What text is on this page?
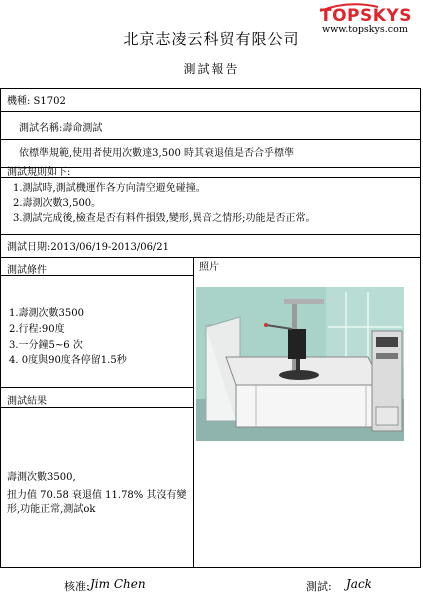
北京志凌云科贸有限公司
TOPSKYS
www.topskys.com
測試報告
機種: S1702
測試名稱:壽命測試
依標準規範,使用者使用次數達3,500 時其衰退值是否合乎標準
測試規則如下:
1.測試時,測試機運作各方向清空避免碰撞。
2.壽測次數3,500。
3.測試完成後,檢查是否有料件損毀,變形,異音之情形;功能是否正常。
測試日期:2013/06/19-2013/06/21
測試條件	照片
1.壽測次數3500
2.行程:90度
3.一分鐘5~6 次
4. 0度與90度各停留1.5秒
測試結果
壽測次數3500,
扭力值 70.58 衰退值 11.78% 其沒有變
形,功能正常,測試ok
核准: Jim Chen	測試: Jack
